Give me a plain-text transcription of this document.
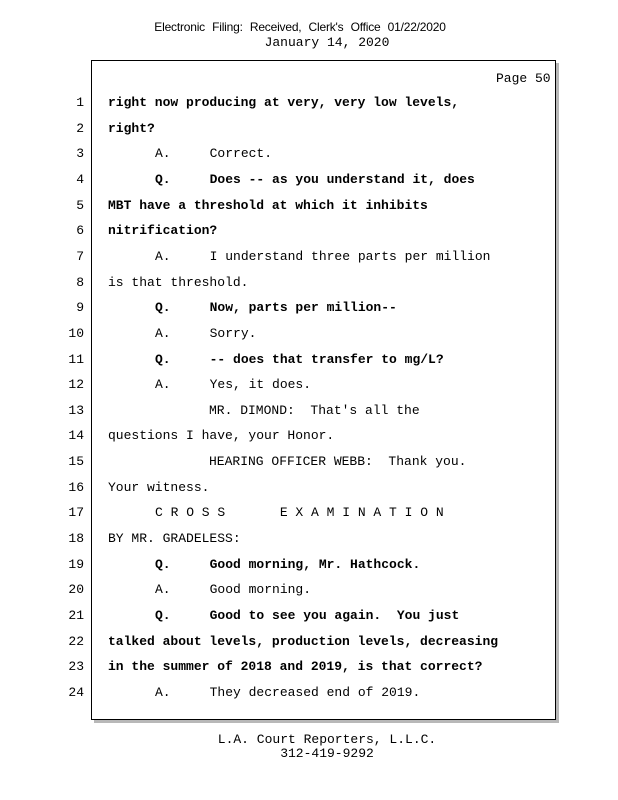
Electronic Filing: Received, Clerk's Office 01/22/2020
January 14, 2020
Page 50
1 right now producing at very, very low levels,
2 right?
3	A.     Correct.
4	Q.     Does -- as you understand it, does
5 MBT have a threshold at which it inhibits
6 nitrification?
7	A.     I understand three parts per million
8 is that threshold.
9	Q.     Now, parts per million--
10	A.     Sorry.
11	Q.     -- does that transfer to mg/L?
12	A.     Yes, it does.
13	MR. DIMOND:  That's all the
14 questions I have, your Honor.
15	HEARING OFFICER WEBB:  Thank you.
16 Your witness.
17	C R O S S       E X A M I N A T I O N
18 BY MR. GRADELESS:
19	Q.     Good morning, Mr. Hathcock.
20	A.     Good morning.
21	Q.     Good to see you again.  You just
22 talked about levels, production levels, decreasing
23 in the summer of 2018 and 2019, is that correct?
24	A.     They decreased end of 2019.
L.A. Court Reporters, L.L.C.
312-419-9292
